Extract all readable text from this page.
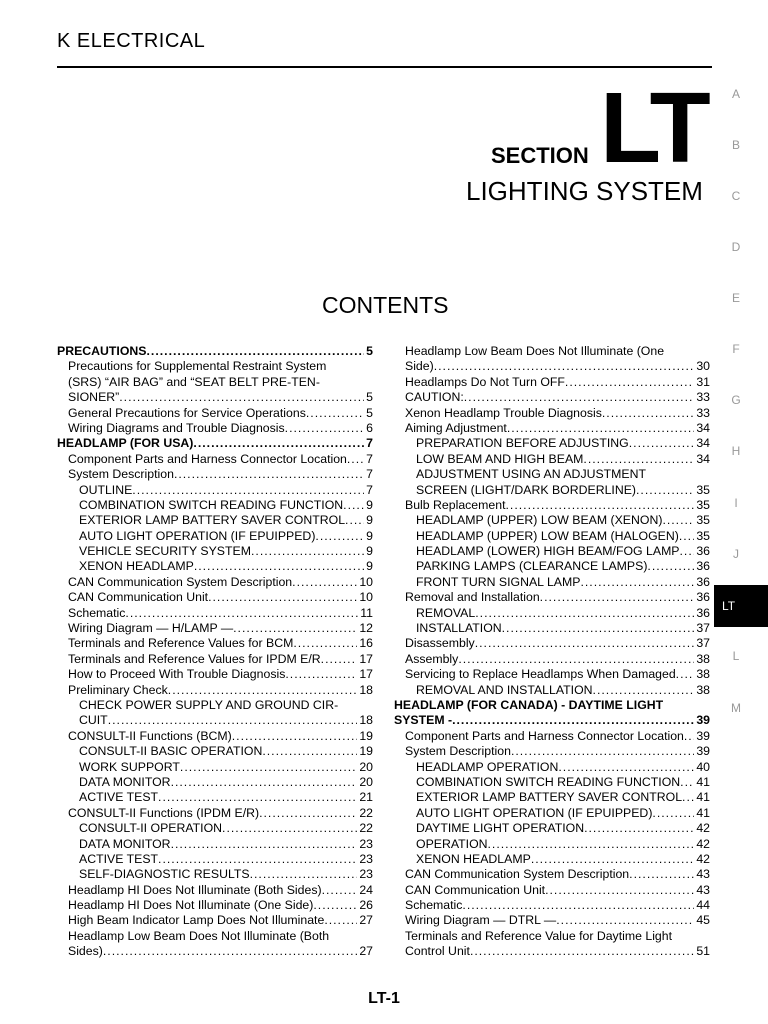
K ELECTRICAL
SECTION LT
LIGHTING SYSTEM
CONTENTS
A
B
C
D
E
F
G
H
I
J
LT
L
M
PRECAUTIONS .....	5
Precautions for Supplemental Restraint System
(SRS) “AIR BAG” and “SEAT BELT PRE-TEN-
SIONER” .....	5
General Precautions for Service Operations .....	5
Wiring Diagrams and Trouble Diagnosis .....	6
HEADLAMP (FOR USA) .....	7
Component Parts and Harness Connector Location ..... 7
System Description .....	7
OUTLINE .....	7
COMBINATION SWITCH READING FUNCTION ..... 9
EXTERIOR LAMP BATTERY SAVER CONTROL ..... 9
AUTO LIGHT OPERATION (IF EPUIPPED) .....	9
VEHICLE SECURITY SYSTEM .....	9
XENON HEADLAMP .....	9
CAN Communication System Description .....	10
CAN Communication Unit .....	10
Schematic .....	11
Wiring Diagram — H/LAMP — .....	12
Terminals and Reference Values for BCM .....	16
Terminals and Reference Values for IPDM E/R .....	17
How to Proceed With Trouble Diagnosis .....	17
Preliminary Check .....	18
CHECK POWER SUPPLY AND GROUND CIR-
CUIT .....	18
CONSULT-II Functions (BCM) .....	19
CONSULT-II BASIC OPERATION .....	19
WORK SUPPORT .....	20
DATA MONITOR .....	20
ACTIVE TEST .....	21
CONSULT-II Functions (IPDM E/R) .....	22
CONSULT-II OPERATION .....	22
DATA MONITOR .....	23
ACTIVE TEST .....	23
SELF-DIAGNOSTIC RESULTS .....	23
Headlamp HI Does Not Illuminate (Both Sides) .....	24
Headlamp HI Does Not Illuminate (One Side) .....	26
High Beam Indicator Lamp Does Not Illuminate .....	27
Headlamp Low Beam Does Not Illuminate (Both
Sides) .....	27
Headlamp Low Beam Does Not Illuminate (One
Side) .....	30
Headlamps Do Not Turn OFF .....	31
CAUTION: .....	33
Xenon Headlamp Trouble Diagnosis .....	33
Aiming Adjustment .....	34
PREPARATION BEFORE ADJUSTING .....	34
LOW BEAM AND HIGH BEAM .....	34
ADJUSTMENT USING AN ADJUSTMENT
SCREEN (LIGHT/DARK BORDERLINE) .....	35
Bulb Replacement .....	35
HEADLAMP (UPPER) LOW BEAM (XENON) .....	35
HEADLAMP (UPPER) LOW BEAM (HALOGEN) ..... 35
HEADLAMP (LOWER) HIGH BEAM/FOG LAMP ..... 36
PARKING LAMPS (CLEARANCE LAMPS) .....	36
FRONT TURN SIGNAL LAMP .....	36
Removal and Installation .....	36
REMOVAL .....	36
INSTALLATION .....	37
Disassembly .....	37
Assembly .....	38
Servicing to Replace Headlamps When Damaged ..... 38
REMOVAL AND INSTALLATION .....	38
HEADLAMP (FOR CANADA) - DAYTIME LIGHT
SYSTEM - .....	39
Component Parts and Harness Connector Location ..... 39
System Description .....	39
HEADLAMP OPERATION .....	40
COMBINATION SWITCH READING FUNCTION ..... 41
EXTERIOR LAMP BATTERY SAVER CONTROL ..... 41
AUTO LIGHT OPERATION (IF EPUIPPED) .....	41
DAYTIME LIGHT OPERATION .....	42
OPERATION .....	42
XENON HEADLAMP .....	42
CAN Communication System Description .....	43
CAN Communication Unit .....	43
Schematic .....	44
Wiring Diagram — DTRL — .....	45
Terminals and Reference Value for Daytime Light
Control Unit .....	51
LT-1
